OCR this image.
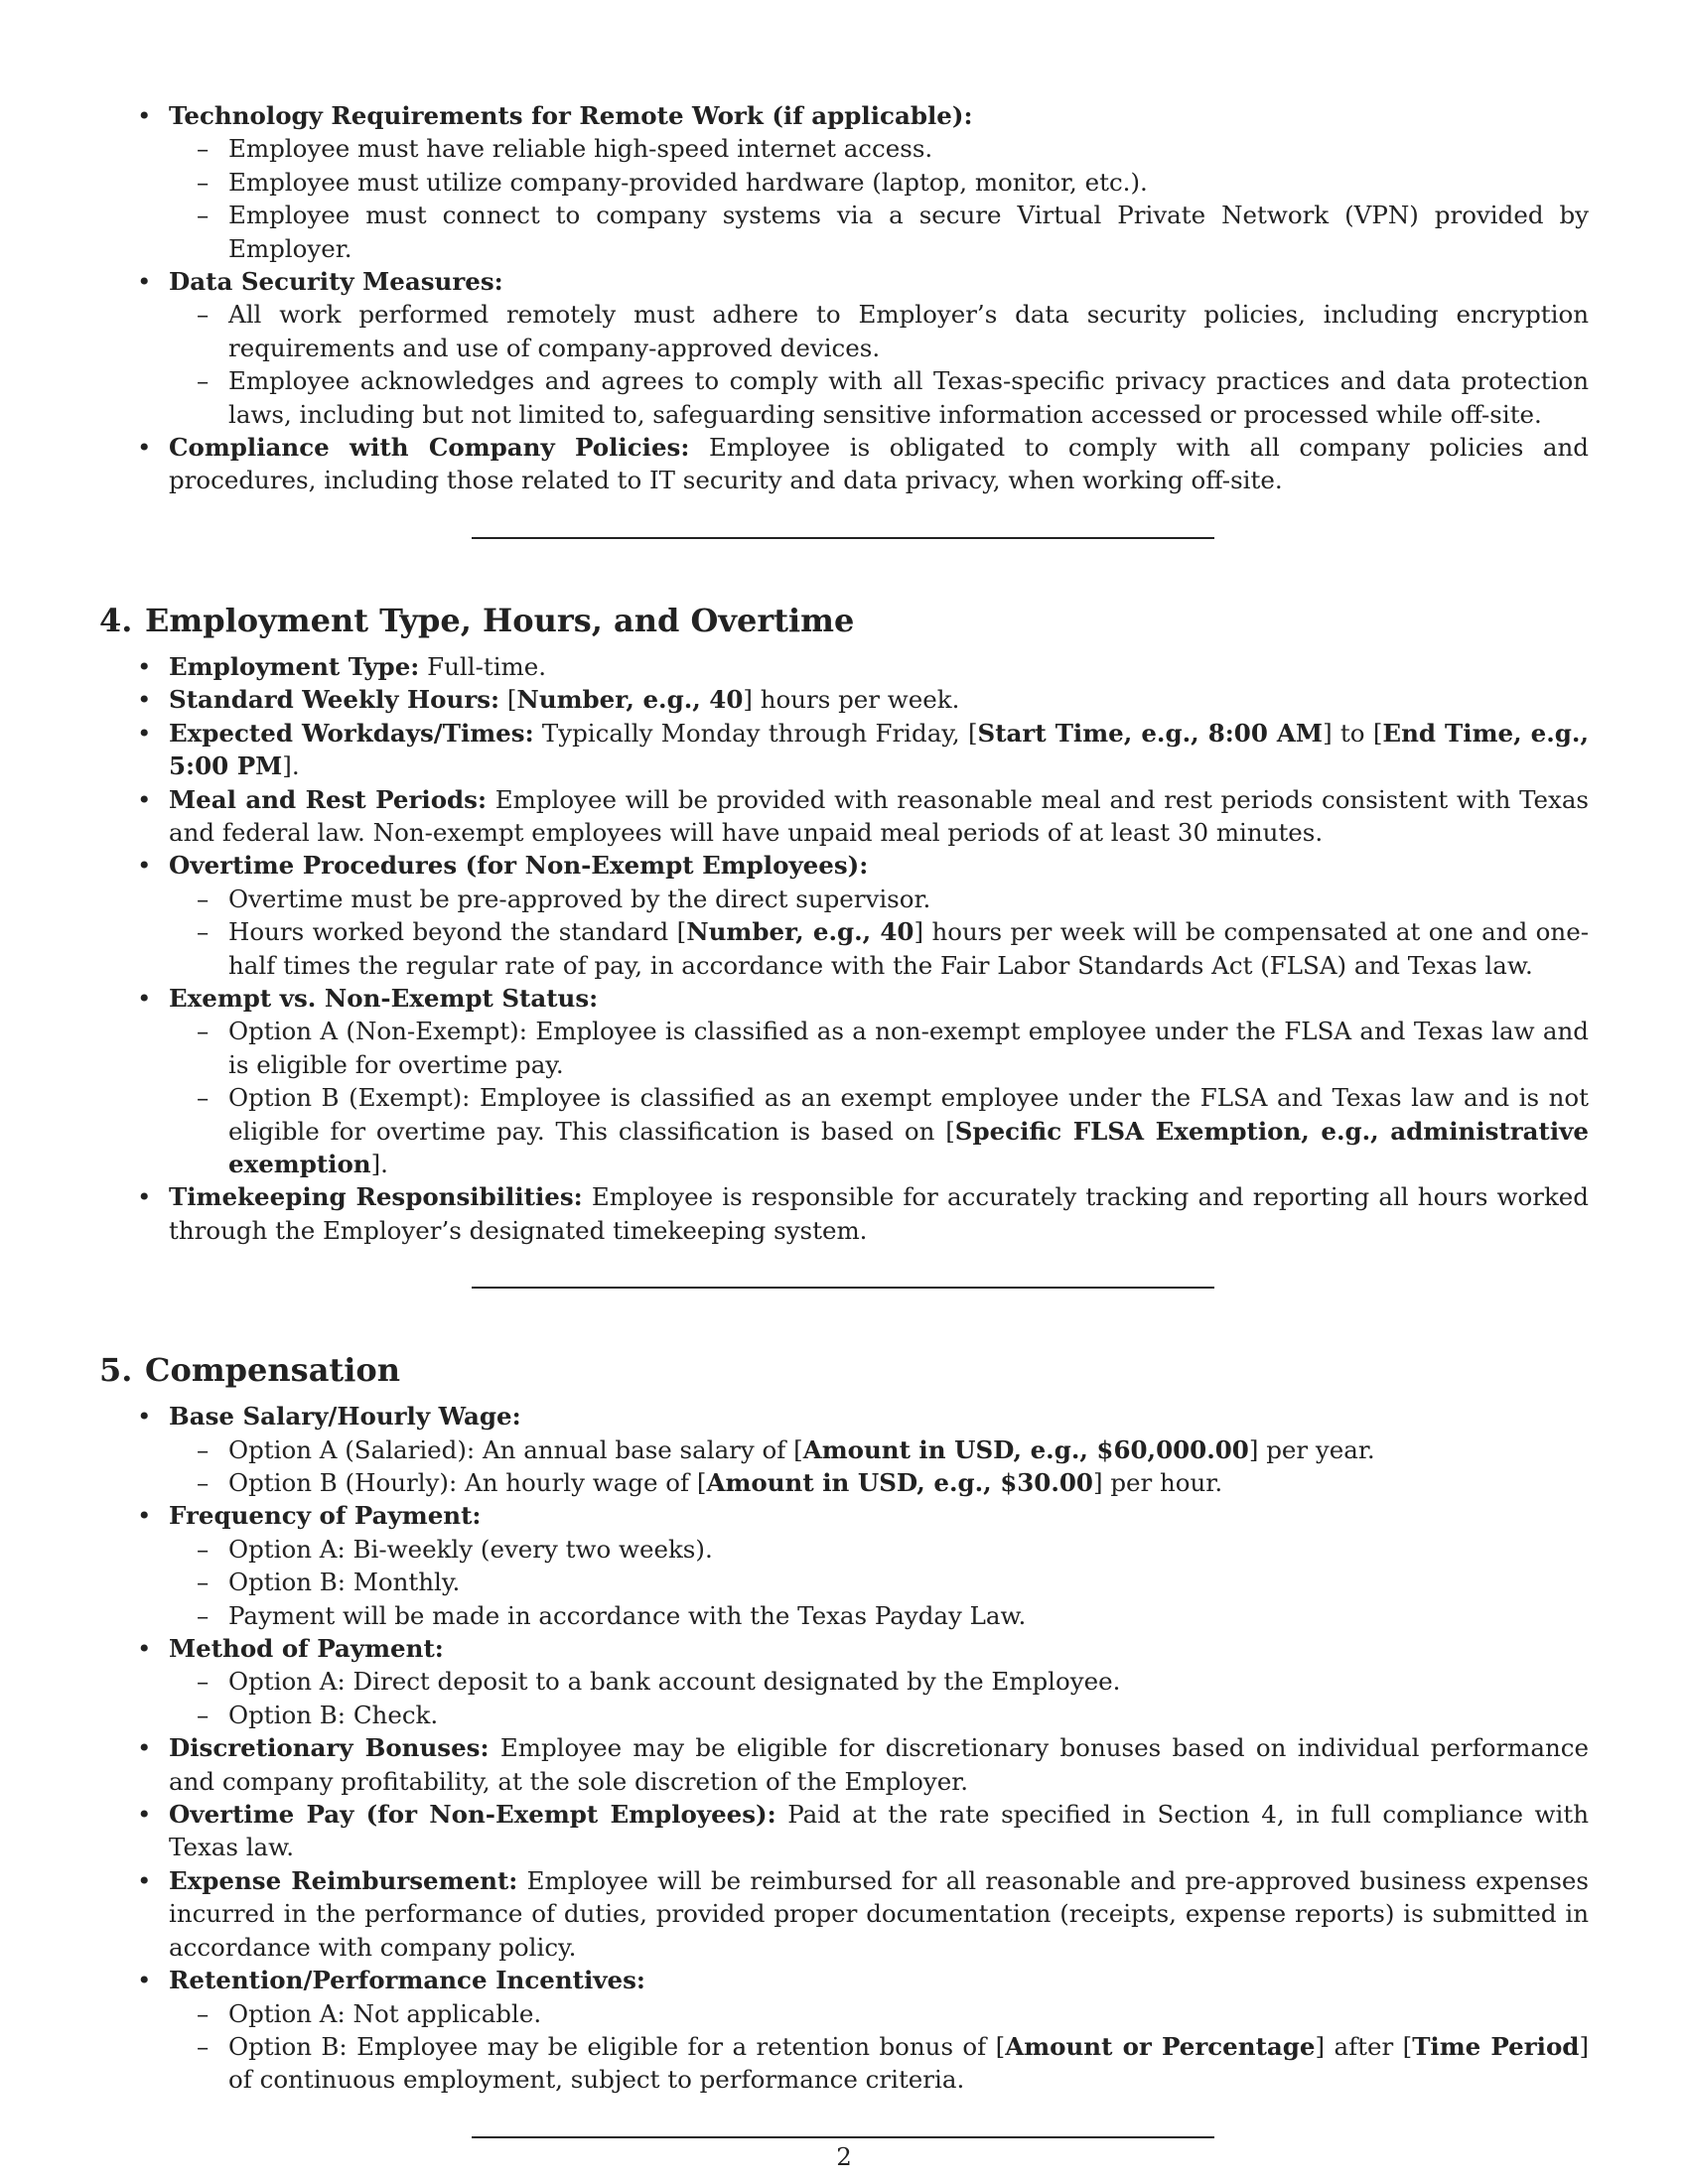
• Technology Requirements for Remote Work (if applicable):
– Employee must have reliable high-speed internet access.
– Employee must utilize company-provided hardware (laptop, monitor, etc.).
– Employee must connect to company systems via a secure Virtual Private Network (VPN) provided by Employer.
• Data Security Measures:
– All work performed remotely must adhere to Employer’s data security policies, including encryption requirements and use of company-approved devices.
– Employee acknowledges and agrees to comply with all Texas-specific privacy practices and data protection laws, including but not limited to, safeguarding sensitive information accessed or processed while off-site.
• Compliance with Company Policies: Employee is obligated to comply with all company policies and procedures, including those related to IT security and data privacy, when working off-site.
4. Employment Type, Hours, and Overtime
• Employment Type: Full-time.
• Standard Weekly Hours: [Number, e.g., 40] hours per week.
• Expected Workdays/Times: Typically Monday through Friday, [Start Time, e.g., 8:00 AM] to [End Time, e.g., 5:00 PM].
• Meal and Rest Periods: Employee will be provided with reasonable meal and rest periods consistent with Texas and federal law. Non-exempt employees will have unpaid meal periods of at least 30 minutes.
• Overtime Procedures (for Non-Exempt Employees):
– Overtime must be pre-approved by the direct supervisor.
– Hours worked beyond the standard [Number, e.g., 40] hours per week will be compensated at one and one-half times the regular rate of pay, in accordance with the Fair Labor Standards Act (FLSA) and Texas law.
• Exempt vs. Non-Exempt Status:
– Option A (Non-Exempt): Employee is classified as a non-exempt employee under the FLSA and Texas law and is eligible for overtime pay.
– Option B (Exempt): Employee is classified as an exempt employee under the FLSA and Texas law and is not eligible for overtime pay. This classification is based on [Specific FLSA Exemption, e.g., administrative exemption].
• Timekeeping Responsibilities: Employee is responsible for accurately tracking and reporting all hours worked through the Employer’s designated timekeeping system.
5. Compensation
• Base Salary/Hourly Wage:
– Option A (Salaried): An annual base salary of [Amount in USD, e.g., $60,000.00] per year.
– Option B (Hourly): An hourly wage of [Amount in USD, e.g., $30.00] per hour.
• Frequency of Payment:
– Option A: Bi-weekly (every two weeks).
– Option B: Monthly.
– Payment will be made in accordance with the Texas Payday Law.
• Method of Payment:
– Option A: Direct deposit to a bank account designated by the Employee.
– Option B: Check.
• Discretionary Bonuses: Employee may be eligible for discretionary bonuses based on individual performance and company profitability, at the sole discretion of the Employer.
• Overtime Pay (for Non-Exempt Employees): Paid at the rate specified in Section 4, in full compliance with Texas law.
• Expense Reimbursement: Employee will be reimbursed for all reasonable and pre-approved business expenses incurred in the performance of duties, provided proper documentation (receipts, expense reports) is submitted in accordance with company policy.
• Retention/Performance Incentives:
– Option A: Not applicable.
– Option B: Employee may be eligible for a retention bonus of [Amount or Percentage] after [Time Period] of continuous employment, subject to performance criteria.
2
